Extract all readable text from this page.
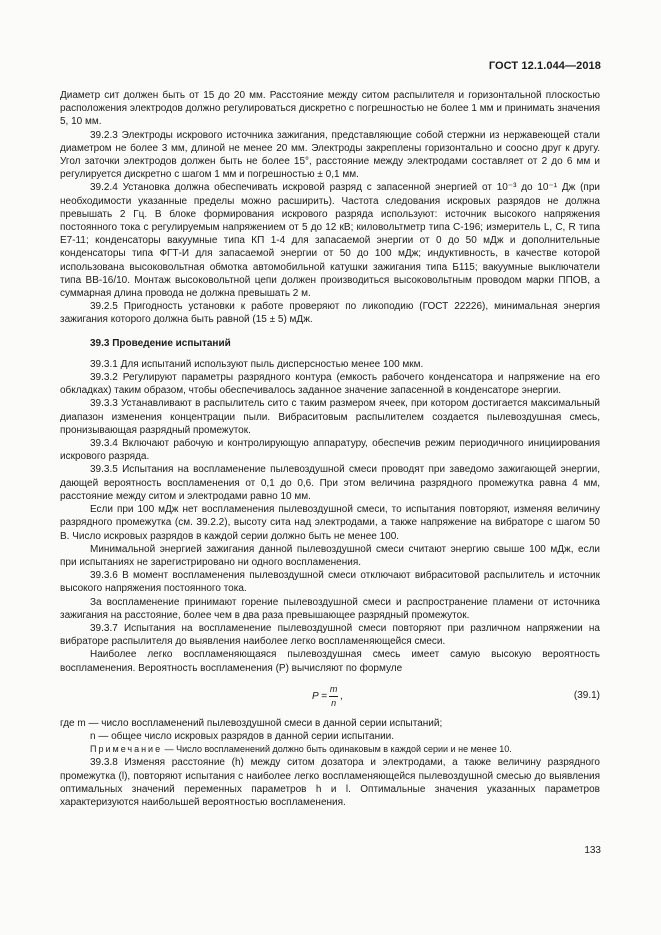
ГОСТ 12.1.044—2018

Диаметр сит должен быть от 15 до 20 мм. Расстояние между ситом распылителя и горизонтальной плоскостью расположения электродов должно регулироваться дискретно с погрешностью не более 1 мм и принимать значения 5, 10 мм.

39.2.3 Электроды искрового источника зажигания, представляющие собой стержни из нержавеющей стали диаметром не более 3 мм, длиной не менее 20 мм. Электроды закреплены горизонтально и соосно друг к другу. Угол заточки электродов должен быть не более 15°, расстояние между электродами составляет от 2 до 6 мм и регулируется дискретно с шагом 1 мм и погрешностью ± 0,1 мм.

39.2.4 Установка должна обеспечивать искровой разряд с запасенной энергией от 10⁻³ до 10⁻¹ Дж (при необходимости указанные пределы можно расширить). Частота следования искровых разрядов не должна превышать 2 Гц. В блоке формирования искрового разряда используют: источник высокого напряжения постоянного тока с регулируемым напряжением от 5 до 12 кВ; киловольтметр типа С-196; измеритель L, C, R типа Е7-11; конденсаторы вакуумные типа КП 1-4 для запасаемой энергии от 0 до 50 мДж и дополнительные конденсаторы типа ФГТ-И для запасаемой энергии от 50 до 100 мДж; индуктивность, в качестве которой использована высоковольтная обмотка автомобильной катушки зажигания типа Б115; вакуумные выключатели типа ВВ-16/10. Монтаж высоковольтной цепи должен производиться высоковольтным проводом марки ППОВ, а суммарная длина провода не должна превышать 2 м.

39.2.5 Пригодность установки к работе проверяют по ликоподию (ГОСТ 22226), минимальная энергия зажигания которого должна быть равной (15 ± 5) мДж.

39.3 Проведение испытаний

39.3.1 Для испытаний используют пыль дисперсностью менее 100 мкм.

39.3.2 Регулируют параметры разрядного контура (емкость рабочего конденсатора и напряжение на его обкладках) таким образом, чтобы обеспечивалось заданное значение запасенной в конденсаторе энергии.

39.3.3 Устанавливают в распылитель сито с таким размером ячеек, при котором достигается максимальный диапазон изменения концентрации пыли. Вибраситовым распылителем создается пылевоздушная смесь, пронизывающая разрядный промежуток.

39.3.4 Включают рабочую и контролирующую аппаратуру, обеспечив режим периодичного инициирования искрового разряда.

39.3.5 Испытания на воспламенение пылевоздушной смеси проводят при заведомо зажигающей энергии, дающей вероятность воспламенения от 0,1 до 0,6. При этом величина разрядного промежутка равна 4 мм, расстояние между ситом и электродами равно 10 мм.

Если при 100 мДж нет воспламенения пылевоздушной смеси, то испытания повторяют, изменяя величину разрядного промежутка (см. 39.2.2), высоту сита над электродами, а также напряжение на вибраторе с шагом 50 В. Число искровых разрядов в каждой серии должно быть не менее 100.

Минимальной энергией зажигания данной пылевоздушной смеси считают энергию свыше 100 мДж, если при испытаниях не зарегистрировано ни одного воспламенения.

39.3.6 В момент воспламенения пылевоздушной смеси отключают вибраситовой распылитель и источник высокого напряжения постоянного тока.

За воспламенение принимают горение пылевоздушной смеси и распространение пламени от источника зажигания на расстояние, более чем в два раза превышающее разрядный промежуток.

39.3.7 Испытания на воспламенение пылевоздушной смеси повторяют при различном напряжении на вибраторе распылителя до выявления наиболее легко воспламеняющейся смеси.

Наиболее легко воспламеняющаяся пылевоздушная смесь имеет самую высокую вероятность воспламенения. Вероятность воспламенения (P) вычисляют по формуле

$P = \frac{m}{n}$ ,	(39.1)

где m — число воспламенений пылевоздушной смеси в данной серии испытаний;

n — общее число искровых разрядов в данной серии испытании.

Примечание — Число воспламенений должно быть одинаковым в каждой серии и не менее 10.

39.3.8 Изменяя расстояние (h) между ситом дозатора и электродами, а также величину разрядного промежутка (l), повторяют испытания с наиболее легко воспламеняющейся пылевоздушной смесью до выявления оптимальных значений переменных параметров h и l. Оптимальные значения указанных параметров характеризуются наибольшей вероятностью воспламенения.

133
